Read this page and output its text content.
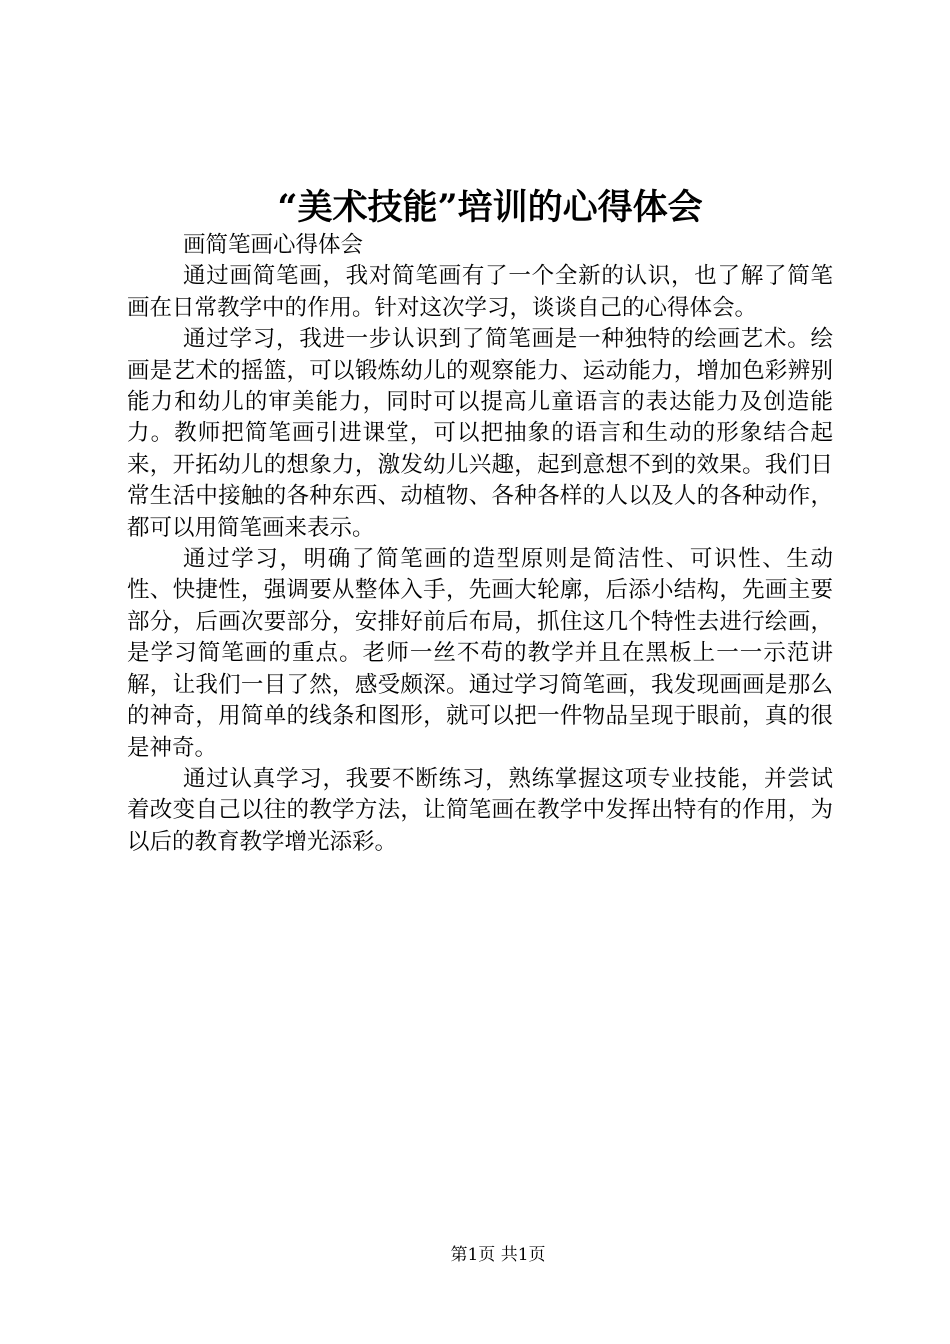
“美术技能”培训的心得体会

画简笔画心得体会

通过画简笔画，我对简笔画有了一个全新的认识，也了解了简笔画在日常教学中的作用。针对这次学习，谈谈自己的心得体会。

通过学习，我进一步认识到了简笔画是一种独特的绘画艺术。绘画是艺术的摇篮，可以锻炼幼儿的观察能力、运动能力，增加色彩辨别能力和幼儿的审美能力，同时可以提高儿童语言的表达能力及创造能力。教师把简笔画引进课堂，可以把抽象的语言和生动的形象结合起来，开拓幼儿的想象力，激发幼儿兴趣，起到意想不到的效果。我们日常生活中接触的各种东西、动植物、各种各样的人以及人的各种动作，都可以用简笔画来表示。

通过学习，明确了简笔画的造型原则是简洁性、可识性、生动性、快捷性，强调要从整体入手，先画大轮廓，后添小结构，先画主要部分，后画次要部分，安排好前后布局，抓住这几个特性去进行绘画，是学习简笔画的重点。老师一丝不苟的教学并且在黑板上一一示范讲解，让我们一目了然，感受颇深。通过学习简笔画，我发现画画是那么的神奇，用简单的线条和图形，就可以把一件物品呈现于眼前，真的很是神奇。

通过认真学习，我要不断练习，熟练掌握这项专业技能，并尝试着改变自己以往的教学方法，让简笔画在教学中发挥出特有的作用，为以后的教育教学增光添彩。

第1页 共1页
